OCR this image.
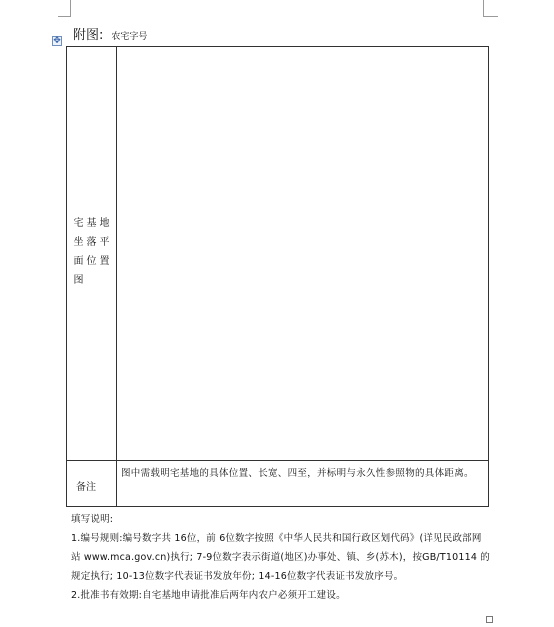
✥ 附图: 农宅字号
宅 基 地
坐 落 平
面 位 置
图
备注
图中需载明宅基地的具体位置、长宽、四至，并标明与永久性参照物的具体距离。

填写说明:

1.编号规则:编号数字共 16位，前 6位数字按照《中华人民共和国行政区划代码》(详见民政部网站 www.mca.gov.cn)执行; 7-9位数字表示街道(地区)办事处、镇、乡(苏木)，按GB/T10114 的规定执行; 10-13位数字代表证书发放年份; 14-16位数字代表证书发放序号。

2.批准书有效期:自宅基地申请批准后两年内农户必须开工建设。
